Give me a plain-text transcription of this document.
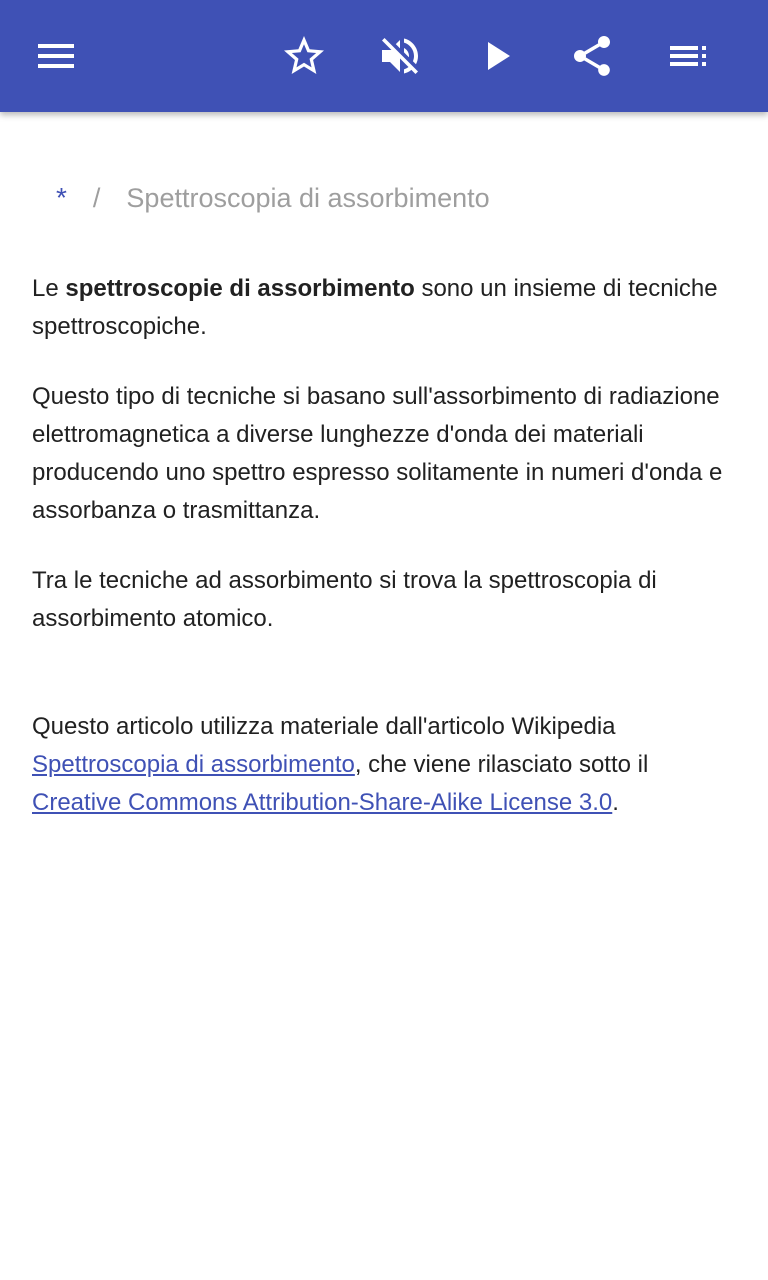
* / Spettroscopia di assorbimento

Le spettroscopie di assorbimento sono un insieme di tecniche spettroscopiche.

Questo tipo di tecniche si basano sull'assorbimento di radiazione elettromagnetica a diverse lunghezze d'onda dei materiali producendo uno spettro espresso solitamente in numeri d'onda e assorbanza o trasmittanza.

Tra le tecniche ad assorbimento si trova la spettroscopia di assorbimento atomico.

Questo articolo utilizza materiale dall'articolo Wikipedia Spettroscopia di assorbimento, che viene rilasciato sotto il Creative Commons Attribution-Share-Alike License 3.0.
